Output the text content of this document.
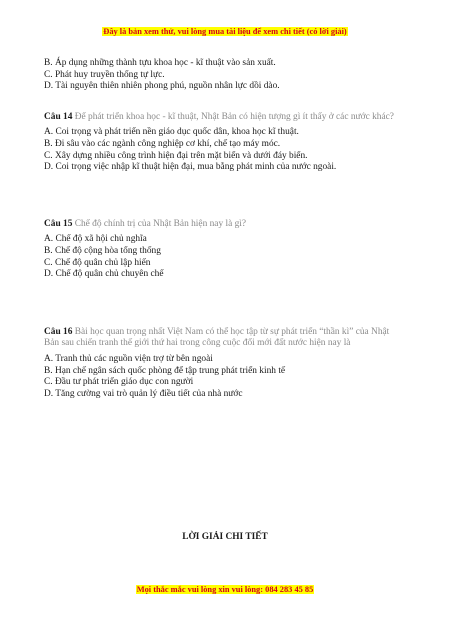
Đây là bản xem thử, vui lòng mua tài liệu để xem chi tiết (có lời giải)

B. Áp dụng những thành tựu khoa học - kĩ thuật vào sản xuất.

C. Phát huy truyền thống tự lực.

D. Tài nguyên thiên nhiên phong phú, nguồn nhân lực dồi dào.

Câu 14 Để phát triển khoa học - kĩ thuật, Nhật Bản có hiện tượng gì ít thấy ở các nước khác?

A. Coi trọng và phát triển nền giáo dục quốc dân, khoa học kĩ thuật.

B. Đi sâu vào các ngành công nghiệp cơ khí, chế tạo máy móc.

C. Xây dựng nhiều công trình hiện đại trên mặt biển và dưới đáy biển.

D. Coi trọng việc nhập kĩ thuật hiện đại, mua bằng phát minh của nước ngoài.

Câu 15 Chế độ chính trị của Nhật Bản hiện nay là gì?

A. Chế độ xã hội chủ nghĩa

B. Chế độ cộng hòa tổng thống

C. Chế độ quân chủ lập hiến

D. Chế độ quân chủ chuyên chế

Câu 16 Bài học quan trọng nhất Việt Nam có thể học tập từ sự phát triển “thần kì” của Nhật Bản sau chiến tranh thế giới thứ hai trong công cuộc đổi mới đất nước hiện nay là

A. Tranh thủ các nguồn viện trợ từ bên ngoài

B. Hạn chế ngân sách quốc phòng để tập trung phát triển kinh tế

C. Đầu tư phát triển giáo dục con người

D. Tăng cường vai trò quản lý điều tiết của nhà nước

LỜI GIẢI CHI TIẾT
Mọi thắc mắc vui lòng xin vui lòng: 084 283 45 85
